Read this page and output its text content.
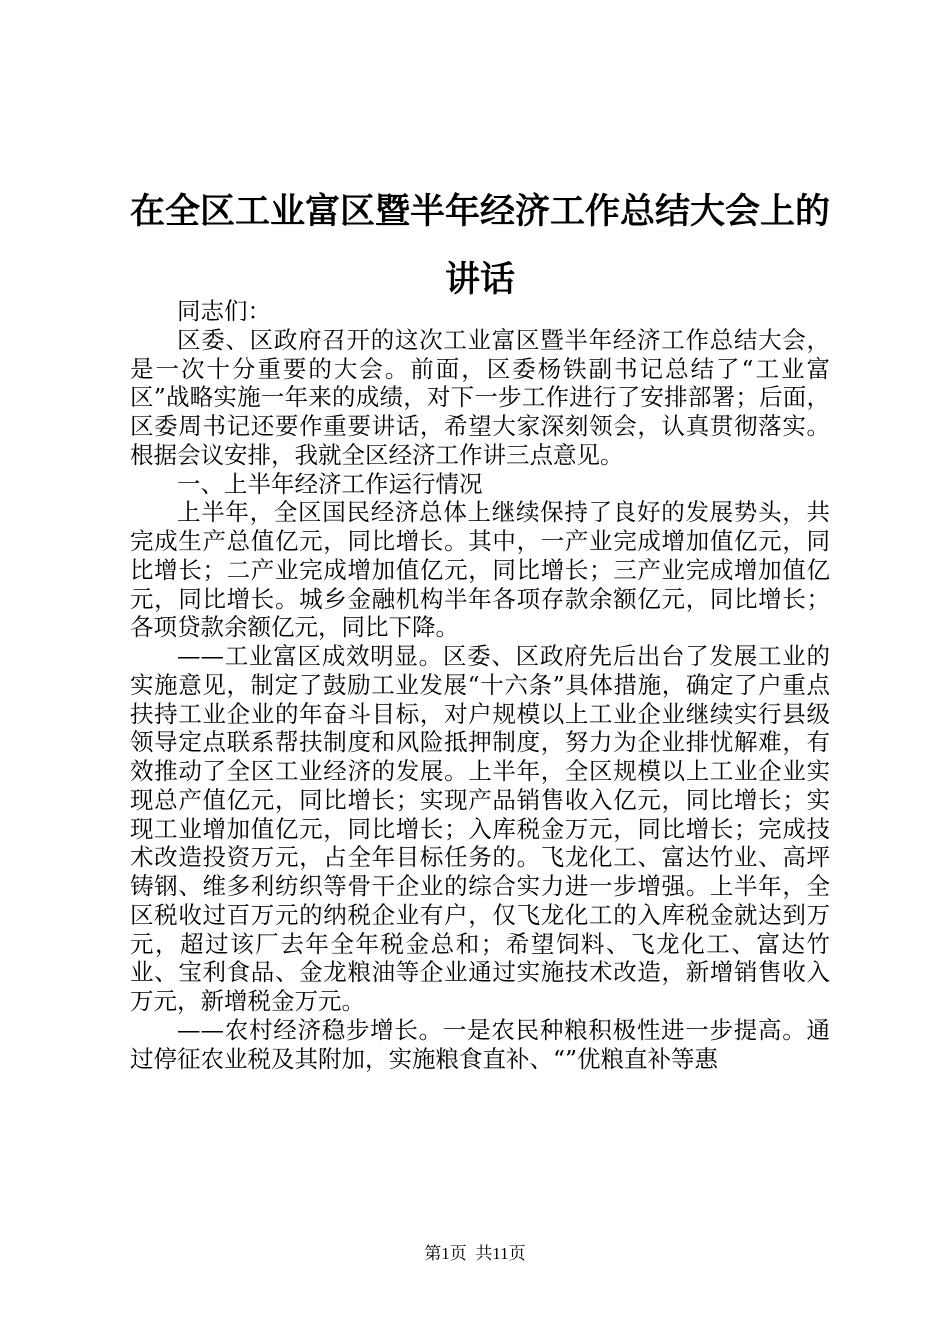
在全区工业富区暨半年经济工作总结大会上的讲话

同志们：

区委、区政府召开的这次工业富区暨半年经济工作总结大会，是一次十分重要的大会。前面，区委杨铁副书记总结了“工业富区”战略实施一年来的成绩，对下一步工作进行了安排部署；后面，区委周书记还要作重要讲话，希望大家深刻领会，认真贯彻落实。根据会议安排，我就全区经济工作讲三点意见。

一、上半年经济工作运行情况

上半年，全区国民经济总体上继续保持了良好的发展势头，共完成生产总值亿元，同比增长。其中，一产业完成增加值亿元，同比增长；二产业完成增加值亿元，同比增长；三产业完成增加值亿元，同比增长。城乡金融机构半年各项存款余额亿元，同比增长；各项贷款余额亿元，同比下降。

——工业富区成效明显。区委、区政府先后出台了发展工业的实施意见，制定了鼓励工业发展“十六条”具体措施，确定了户重点扶持工业企业的年奋斗目标，对户规模以上工业企业继续实行县级领导定点联系帮扶制度和风险抵押制度，努力为企业排忧解难，有效推动了全区工业经济的发展。上半年，全区规模以上工业企业实现总产值亿元，同比增长；实现产品销售收入亿元，同比增长；实现工业增加值亿元，同比增长；入库税金万元，同比增长；完成技术改造投资万元，占全年目标任务的。飞龙化工、富达竹业、高坪铸钢、维多利纺织等骨干企业的综合实力进一步增强。上半年，全区税收过百万元的纳税企业有户，仅飞龙化工的入库税金就达到万元，超过该厂去年全年税金总和；希望饲料、飞龙化工、富达竹业、宝利食品、金龙粮油等企业通过实施技术改造，新增销售收入万元，新增税金万元。

——农村经济稳步增长。一是农民种粮积极性进一步提高。通过停征农业税及其附加，实施粮食直补、“”优粮直补等惠

第1页 共11页
